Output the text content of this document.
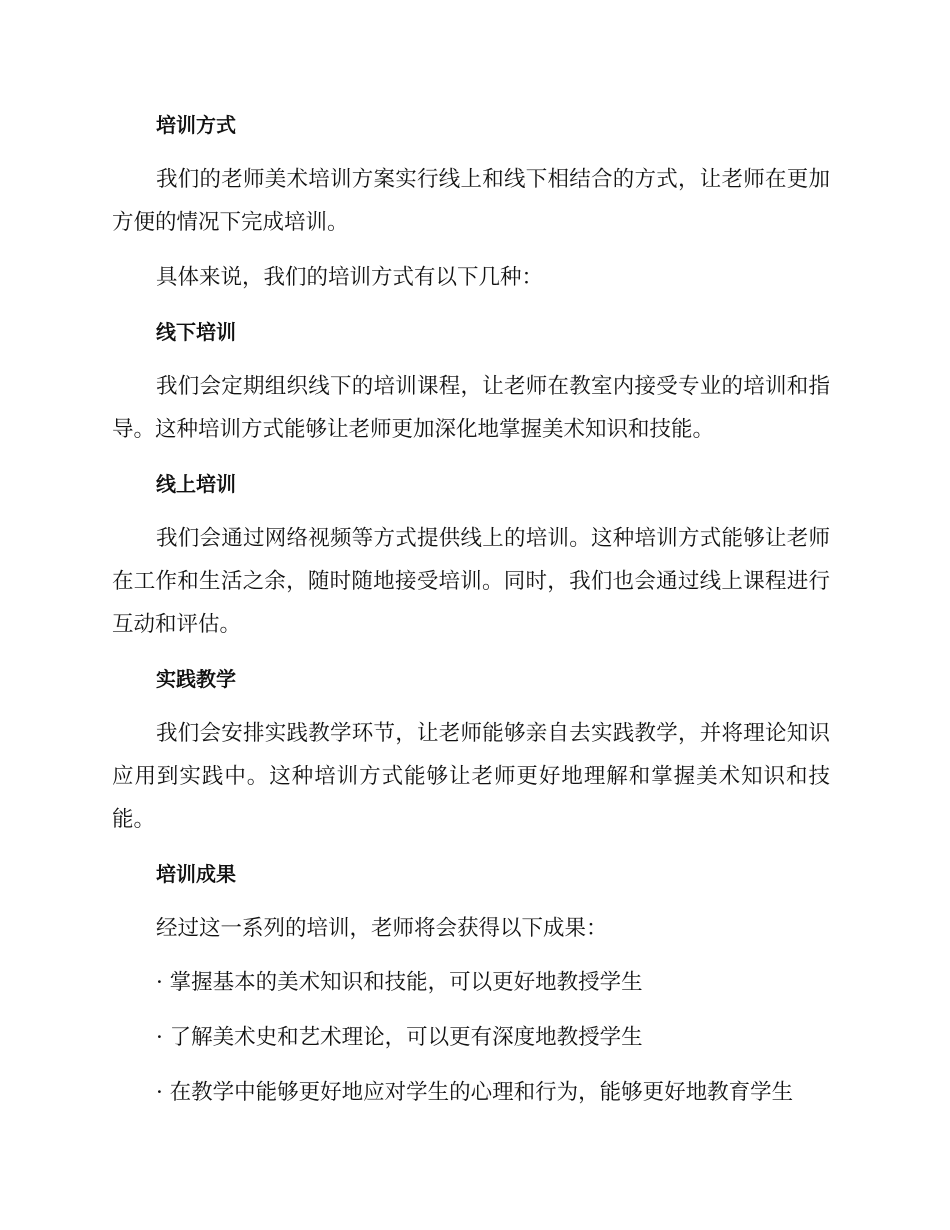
培训方式

我们的老师美术培训方案实行线上和线下相结合的方式，让老师在更加方便的情况下完成培训。

具体来说，我们的培训方式有以下几种：

线下培训

我们会定期组织线下的培训课程，让老师在教室内接受专业的培训和指导。这种培训方式能够让老师更加深化地掌握美术知识和技能。

线上培训

我们会通过网络视频等方式提供线上的培训。这种培训方式能够让老师在工作和生活之余，随时随地接受培训。同时，我们也会通过线上课程进行互动和评估。

实践教学

我们会安排实践教学环节，让老师能够亲自去实践教学，并将理论知识应用到实践中。这种培训方式能够让老师更好地理解和掌握美术知识和技能。

培训成果

经过这一系列的培训，老师将会获得以下成果：

· 掌握基本的美术知识和技能，可以更好地教授学生
· 了解美术史和艺术理论，可以更有深度地教授学生
· 在教学中能够更好地应对学生的心理和行为，能够更好地教育学生
